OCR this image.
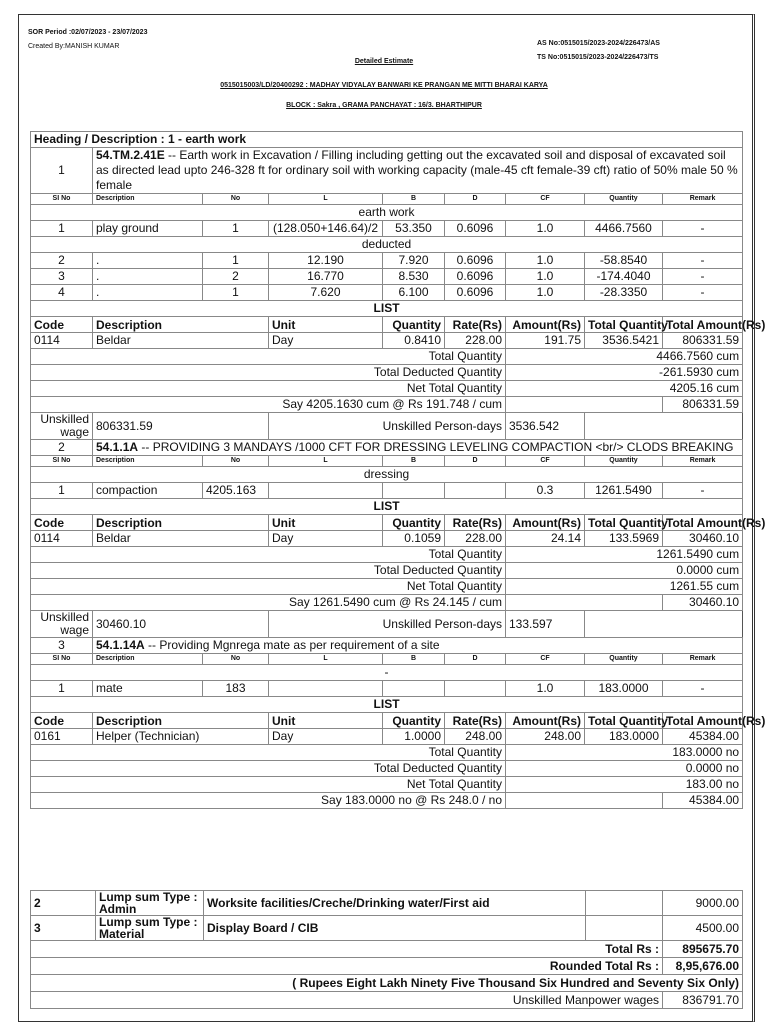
SOR Period :02/07/2023 - 23/07/2023
Created By:MANISH KUMAR	AS No:0515015/2023-2024/226473/AS
TS No:0515015/2023-2024/226473/TS
Detailed Estimate
0515015003/LD/20400292 : MADHAY VIDYALAY BANWARI KE PRANGAN ME MITTI BHARAI KARYA
BLOCK : Sakra , GRAMA PANCHAYAT : 16/3. BHARTHIPUR
Heading / Description : 1 - earth work								
1	54.TM.2.41E -- Earth work in Excavation / Filling including getting out the excavated soil and disposal of excavated soil as directed lead upto 246-328 ft for ordinary soil with working capacity (male-45 cft female-39 cft) ratio of 50% male 50 % female							
SI No	Description	No	L	B	D	CF	Quantity	Remark
earth work								
1	play ground	1	(128.050+146.64)/2	53.350	0.6096	1.0	4466.7560	-
deducted								
2	.	1	12.190	7.920	0.6096	1.0	-58.8540	-
3	.	2	16.770	8.530	0.6096	1.0	-174.4040	-
4	.	1	7.620	6.100	0.6096	1.0	-28.3350	-
LIST								
Code	Description		Unit	Quantity	Rate(Rs)	Amount(Rs)	Total Quantity	Total Amount(Rs)
0114	Beldar		Day	0.8410	228.00	191.75	3536.5421	806331.59
Total Quantity						4466.7560 cum		
Total Deducted Quantity						-261.5930 cum		
Net Total Quantity						4205.16 cum		
Say 4205.1630 cum @ Rs 191.748 / cum								806331.59
Unskilled wage	806331.59		Unskilled Person-days			3536.542		
2	54.1.1A -- PROVIDING 3 MANDAYS /1000 CFT FOR DRESSING LEVELING COMPACTION <br/> CLODS BREAKING							
SI No	Description	No	L	B	D	CF	Quantity	Remark
dressing								
1	compaction	4205.163				0.3	1261.5490	-
LIST								
Code	Description		Unit	Quantity	Rate(Rs)	Amount(Rs)	Total Quantity	Total Amount(Rs)
0114	Beldar		Day	0.1059	228.00	24.14	133.5969	30460.10
Total Quantity						1261.5490 cum		
Total Deducted Quantity						0.0000 cum		
Net Total Quantity						1261.55 cum		
Say 1261.5490 cum @ Rs 24.145 / cum								30460.10
Unskilled wage	30460.10		Unskilled Person-days			133.597		
3	54.1.14A -- Providing Mgnrega mate as per requirement of a site							
SI No	Description	No	L	B	D	CF	Quantity	Remark
-								
1	mate	183				1.0	183.0000	-
LIST								
Code	Description		Unit	Quantity	Rate(Rs)	Amount(Rs)	Total Quantity	Total Amount(Rs)
0161	Helper (Technician)		Day	1.0000	248.00	248.00	183.0000	45384.00
Total Quantity						183.0000 no		
Total Deducted Quantity						0.0000 no		
Net Total Quantity						183.00 no		
Say 183.0000 no @ Rs 248.0 / no								45384.00
2	Lump sum Type : Admin	Worksite facilities/Creche/Drinking water/First aid		9000.00
3	Lump sum Type : Material	Display Board / CIB		4500.00
Total Rs :				895675.70
Rounded Total Rs :				8,95,676.00
( Rupees Eight Lakh Ninety Five Thousand Six Hundred and Seventy Six Only)				
Unskilled Manpower wages				836791.70
